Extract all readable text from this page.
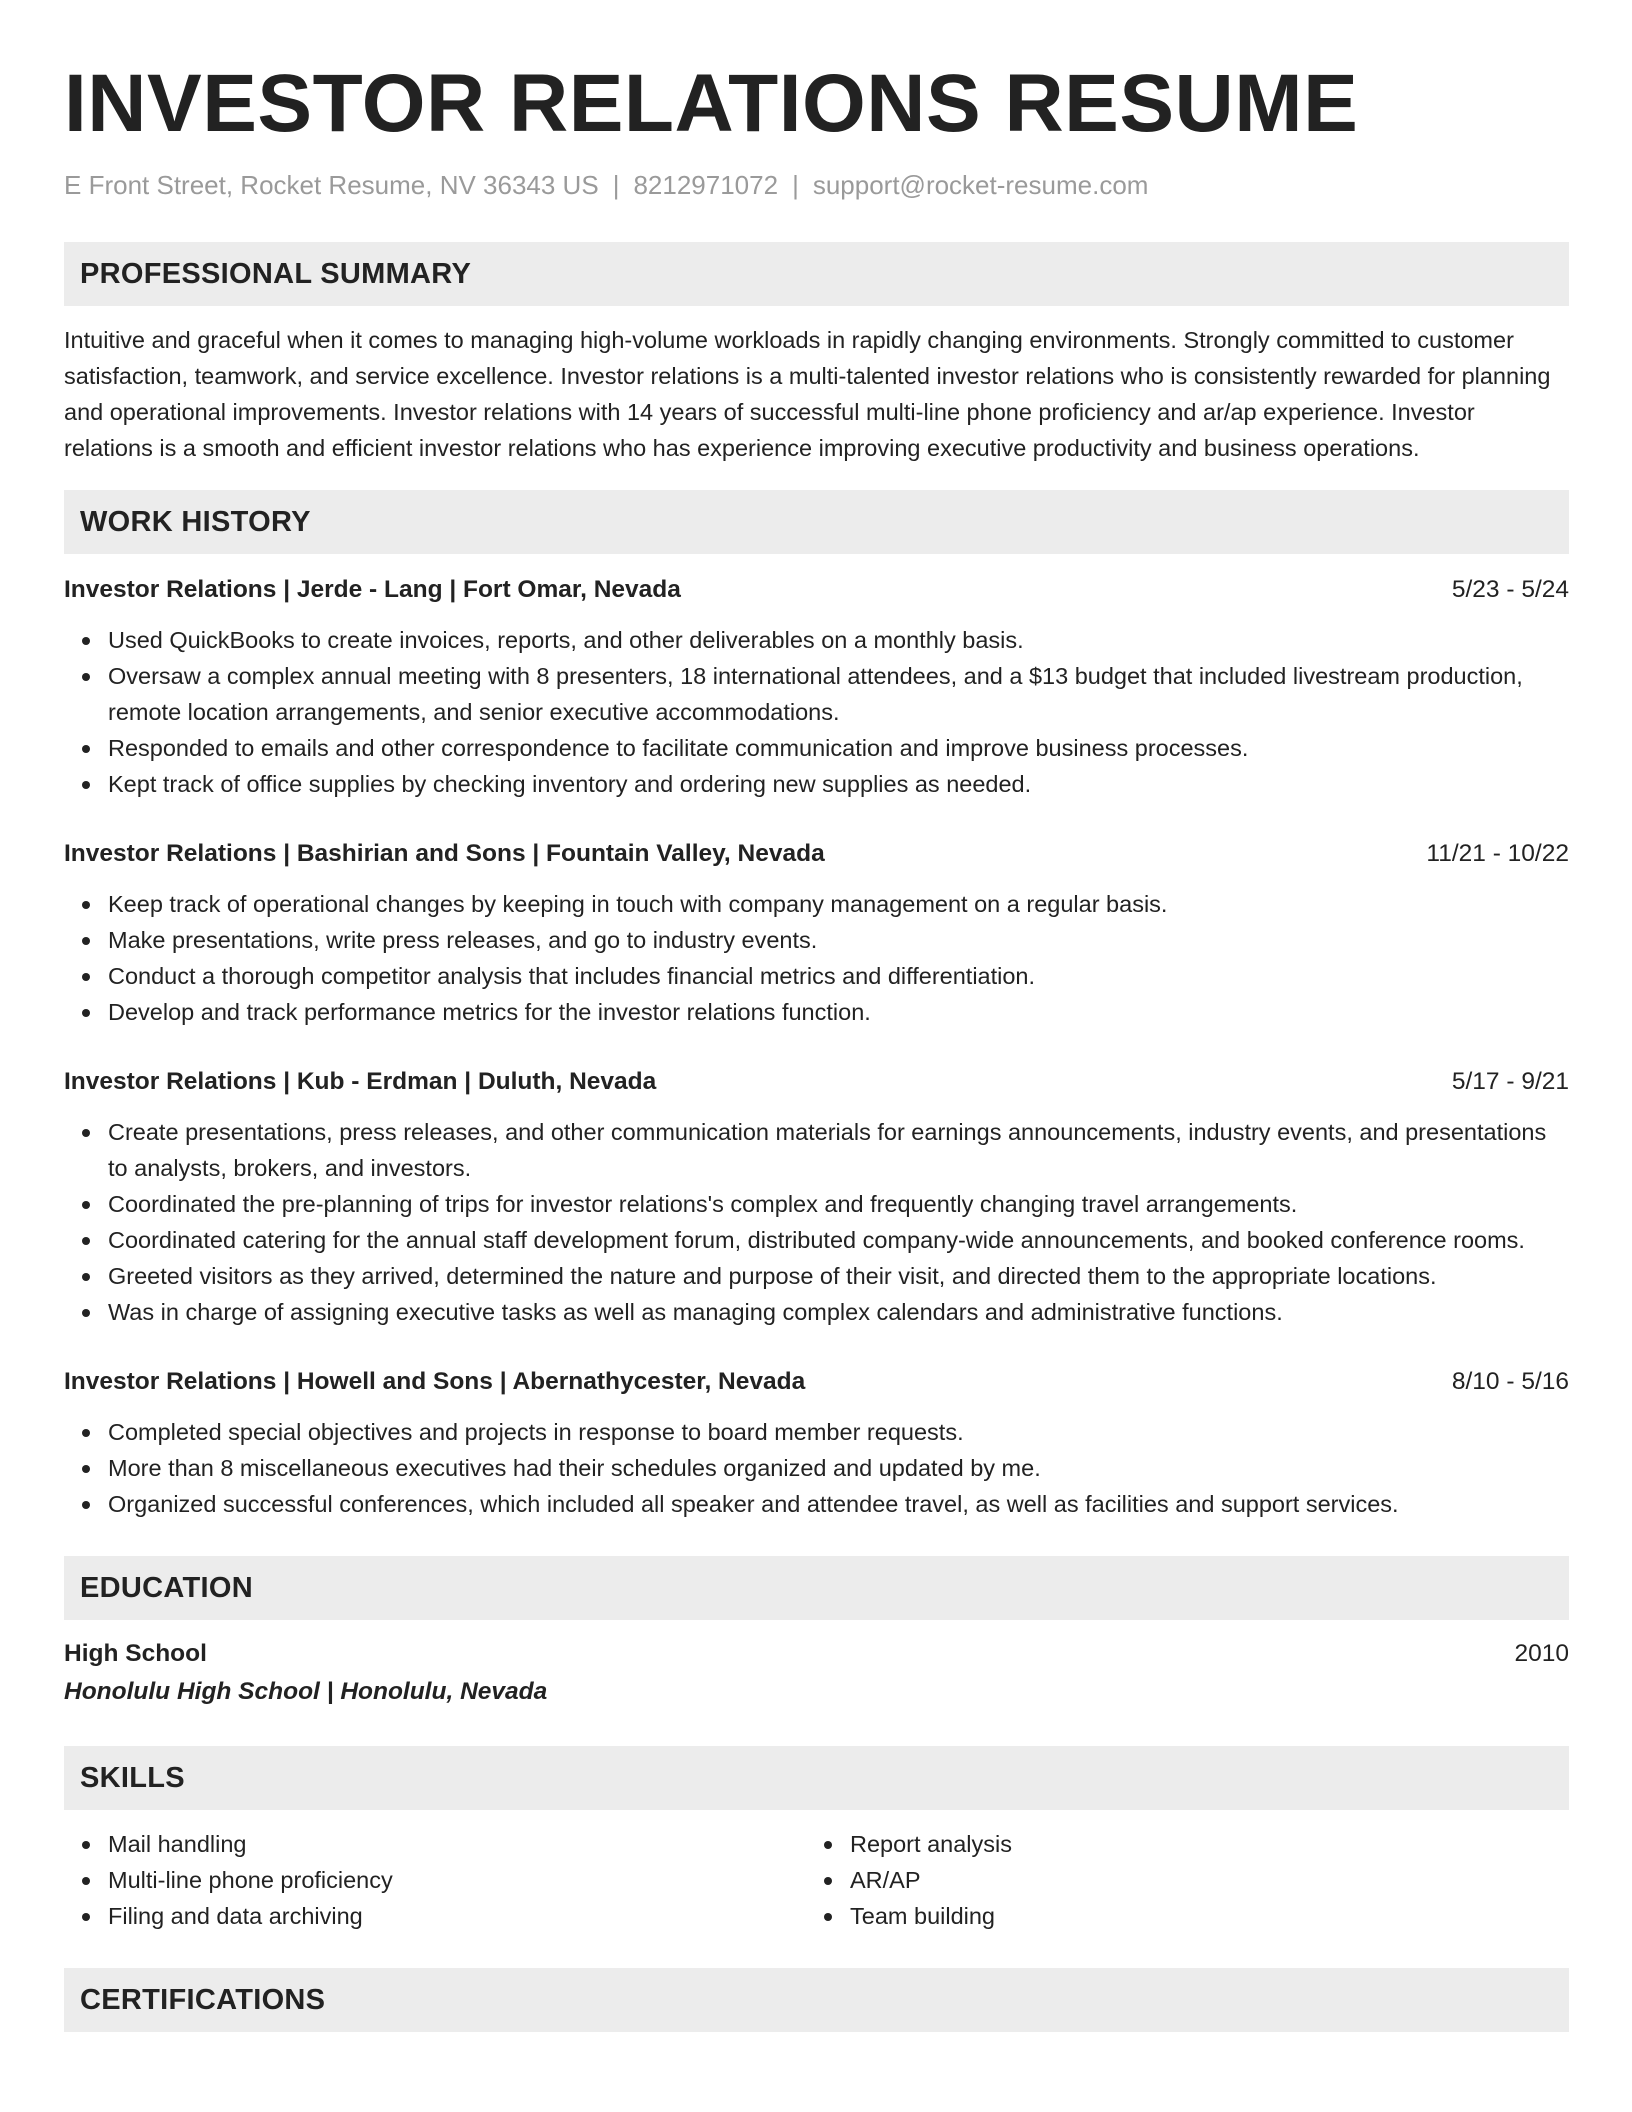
INVESTOR RELATIONS RESUME
E Front Street, Rocket Resume, NV 36343 US | 8212971072 | support@rocket-resume.com
PROFESSIONAL SUMMARY

Intuitive and graceful when it comes to managing high-volume workloads in rapidly changing environments. Strongly committed to customer satisfaction, teamwork, and service excellence. Investor relations is a multi-talented investor relations who is consistently rewarded for planning and operational improvements. Investor relations with 14 years of successful multi-line phone proficiency and ar/ap experience. Investor relations is a smooth and efficient investor relations who has experience improving executive productivity and business operations.

WORK HISTORY
Investor Relations | Jerde - Lang | Fort Omar, Nevada	5/23 - 5/24
Used QuickBooks to create invoices, reports, and other deliverables on a monthly basis.
Oversaw a complex annual meeting with 8 presenters, 18 international attendees, and a $13 budget that included livestream production, remote location arrangements, and senior executive accommodations.
Responded to emails and other correspondence to facilitate communication and improve business processes.
Kept track of office supplies by checking inventory and ordering new supplies as needed.
Investor Relations | Bashirian and Sons | Fountain Valley, Nevada	11/21 - 10/22
Keep track of operational changes by keeping in touch with company management on a regular basis.
Make presentations, write press releases, and go to industry events.
Conduct a thorough competitor analysis that includes financial metrics and differentiation.
Develop and track performance metrics for the investor relations function.
Investor Relations | Kub - Erdman | Duluth, Nevada	5/17 - 9/21
Create presentations, press releases, and other communication materials for earnings announcements, industry events, and presentations to analysts, brokers, and investors.
Coordinated the pre-planning of trips for investor relations's complex and frequently changing travel arrangements.
Coordinated catering for the annual staff development forum, distributed company-wide announcements, and booked conference rooms.
Greeted visitors as they arrived, determined the nature and purpose of their visit, and directed them to the appropriate locations.
Was in charge of assigning executive tasks as well as managing complex calendars and administrative functions.
Investor Relations | Howell and Sons | Abernathycester, Nevada	8/10 - 5/16
Completed special objectives and projects in response to board member requests.
More than 8 miscellaneous executives had their schedules organized and updated by me.
Organized successful conferences, which included all speaker and attendee travel, as well as facilities and support services.
EDUCATION
High School	2010
Honolulu High School | Honolulu, Nevada
SKILLS
Mail handling
Multi-line phone proficiency
Filing and data archiving
Report analysis
AR/AP
Team building
CERTIFICATIONS
